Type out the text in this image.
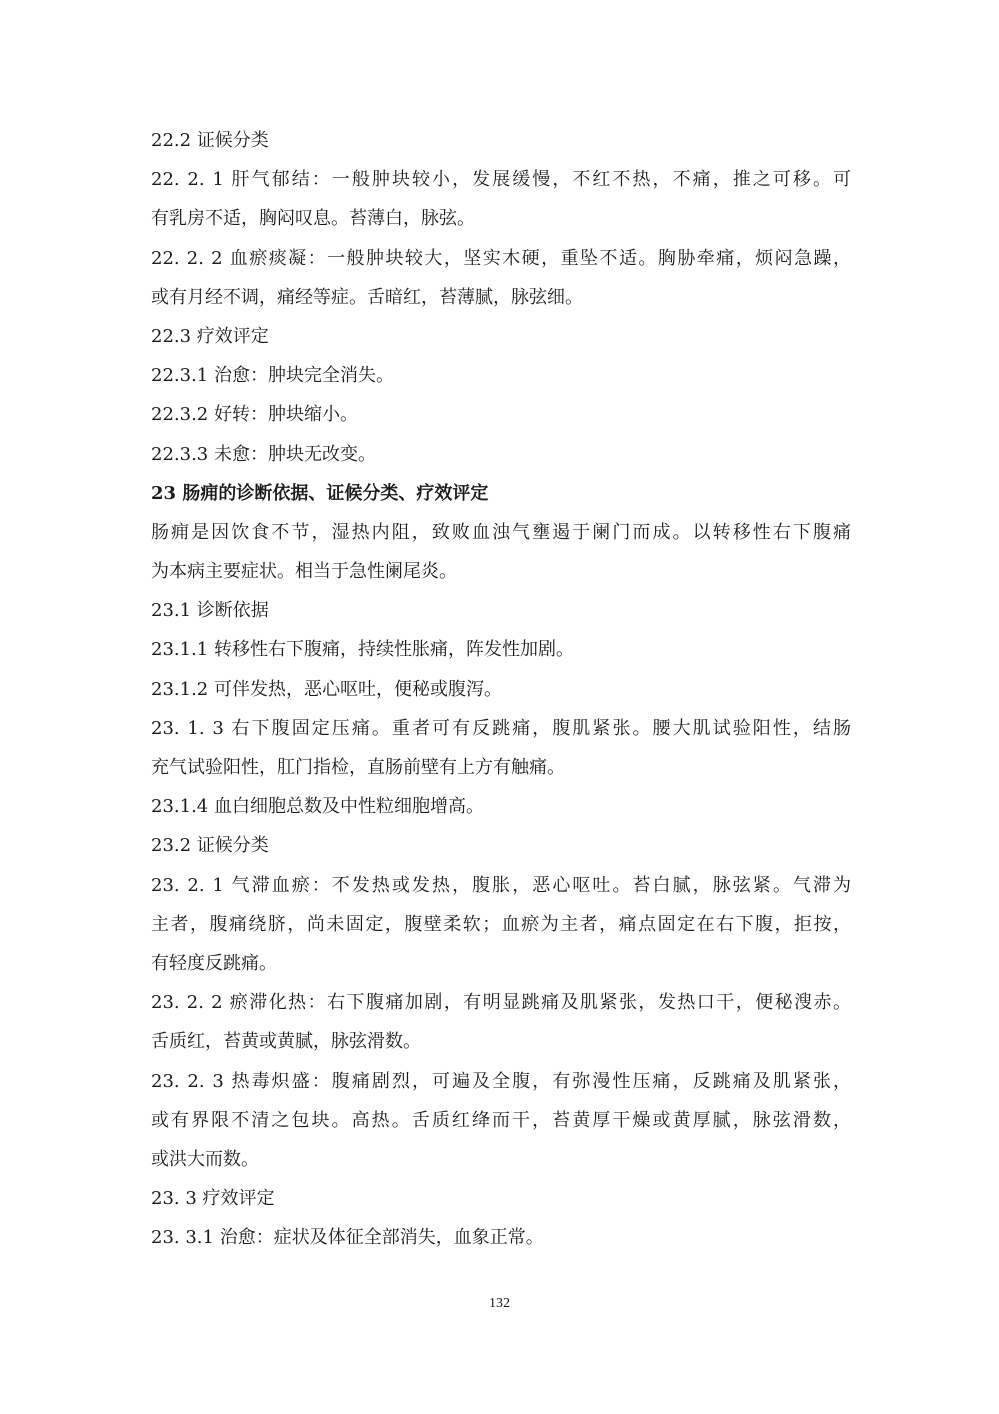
22.2 证候分类

22. 2. 1 肝气郁结：一般肿块较小，发展缓慢，不红不热，不痛，推之可移。可

有乳房不适，胸闷叹息。苔薄白，脉弦。

22. 2. 2 血瘀痰凝：一般肿块较大，坚实木硬，重坠不适。胸胁牵痛，烦闷急躁，

或有月经不调，痛经等症。舌暗红，苔薄腻，脉弦细。

22.3 疗效评定

22.3.1 治愈：肿块完全消失。

22.3.2 好转：肿块缩小。

22.3.3 未愈：肿块无改变。

23 肠痈的诊断依据、证候分类、疗效评定

肠痈是因饮食不节，湿热内阻，致败血浊气壅遏于阑门而成。以转移性右下腹痛

为本病主要症状。相当于急性阑尾炎。

23.1 诊断依据

23.1.1 转移性右下腹痛，持续性胀痛，阵发性加剧。

23.1.2 可伴发热，恶心呕吐，便秘或腹泻。

23. 1. 3 右下腹固定压痛。重者可有反跳痛，腹肌紧张。腰大肌试验阳性，结肠

充气试验阳性，肛门指检，直肠前壁有上方有触痛。

23.1.4 血白细胞总数及中性粒细胞增高。

23.2 证候分类

23. 2. 1 气滞血瘀：不发热或发热，腹胀，恶心呕吐。苔白腻，脉弦紧。气滞为

主者，腹痛绕脐，尚未固定，腹壁柔软；血瘀为主者，痛点固定在右下腹，拒按，

有轻度反跳痛。

23. 2. 2 瘀滞化热：右下腹痛加剧，有明显跳痛及肌紧张，发热口干，便秘溲赤。

舌质红，苔黄或黄腻，脉弦滑数。

23. 2. 3 热毒炽盛：腹痛剧烈，可遍及全腹，有弥漫性压痛，反跳痛及肌紧张，

或有界限不清之包块。高热。舌质红绛而干，苔黄厚干燥或黄厚腻，脉弦滑数，

或洪大而数。

23. 3 疗效评定

23. 3.1 治愈：症状及体征全部消失，血象正常。

132
